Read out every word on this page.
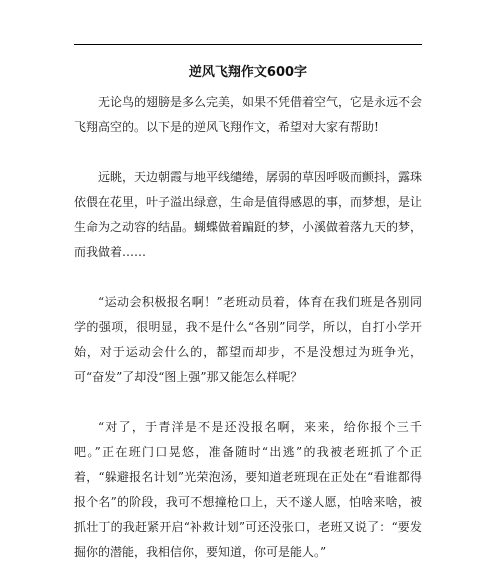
逆风飞翔作文600字

无论鸟的翅膀是多么完美，如果不凭借着空气，它是永远不会飞翔高空的。以下是的逆风飞翔作文，希望对大家有帮助!

远眺，天边朝霞与地平线缱绻，孱弱的草因呼吸而颤抖，露珠依偎在花里，叶子溢出绿意，生命是值得感恩的事，而梦想，是让生命为之动容的结晶。蝴蝶做着蹁跹的梦，小溪做着落九天的梦，而我做着……

“运动会积极报名啊！”老班动员着，体育在我们班是各别同学的强项，很明显，我不是什么“各别”同学，所以，自打小学开始，对于运动会什么的，都望而却步，不是没想过为班争光，可“奋发”了却没“图上强”那又能怎么样呢？

“对了，于青洋是不是还没报名啊，来来，给你报个三千吧。”正在班门口晃悠，准备随时“出逃”的我被老班抓了个正着，“躲避报名计划”光荣泡汤，要知道老班现在正处在“看谁都得报个名”的阶段，我可不想撞枪口上，天不遂人愿，怕啥来啥，被抓壮丁的我赶紧开启“补救计划”可还没张口，老班又说了：“要发掘你的潜能，我相信你，要知道，你可是能人。”
